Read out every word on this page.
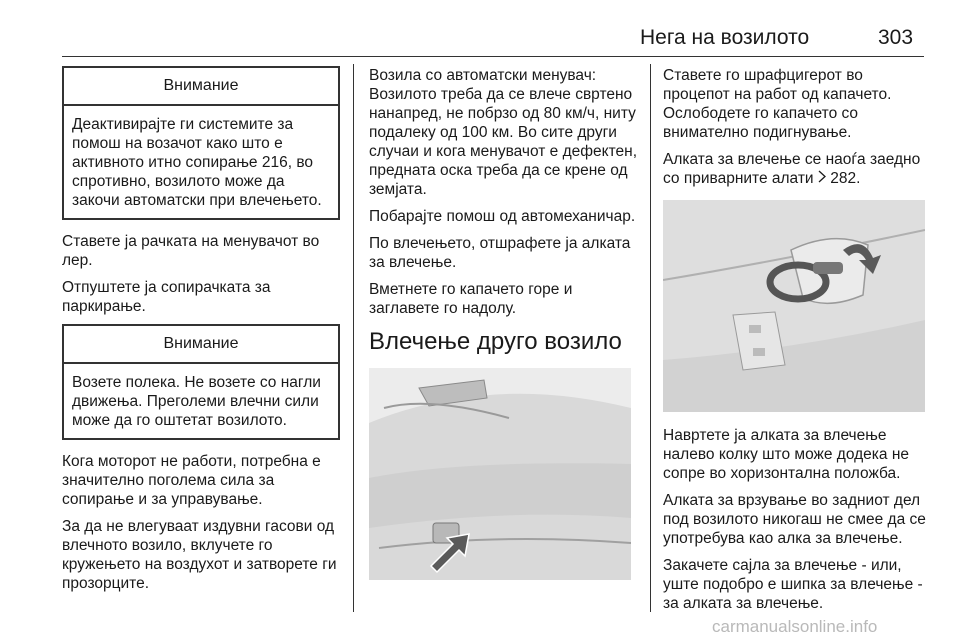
Нега на возилото	303
Внимание
Деактивирајте ги системите за помош на возачот како што е активното итно сопирање 216, во спротивно, возилото може да закочи автоматски при влечењето.

Ставете ја рачката на менувачот во лер.

Отпуштете ја сопирачката за паркирање.

Внимание
Возете полека. Не возете со нагли движења. Преголеми влечни сили може да го оштетат возилото.

Кога моторот не работи, потребна е значително поголема сила за сопирање и за управување.

За да не влегуваат издувни гасови од влечното возило, вклучете го кружењето на воздухот и затворете ги прозорците.

Возила со автоматски менувач: Возилото треба да се влече свртено нанапред, не побрзо од 80 км/ч, ниту подалеку од 100 км. Во сите други случаи и кога менувачот е дефектен, предната оска треба да се крене од земјата.

Побарајте помош од автомеханичар.

По влечењето, отшрафете ја алката за влечење.

Вметнете го капачето горе и заглавете го надолу.

Влечење друго возило

Ставете го шрафцигерот во процепот на работ од капачето. Ослободете го капачето со внимателно подигнување.

Алката за влечење се наоѓа заедно со приварните алати 282.

Навртете ја алката за влечење налево колку што може додека не сопре во хоризонтална положба.

Алката за врзување во задниот дел под возилото никогаш не смее да се употребува као алка за влечење.

Закачете сајла за влечење - или, уште подобро е шипка за влечење - за алката за влечење.

carmanualsonline.info
